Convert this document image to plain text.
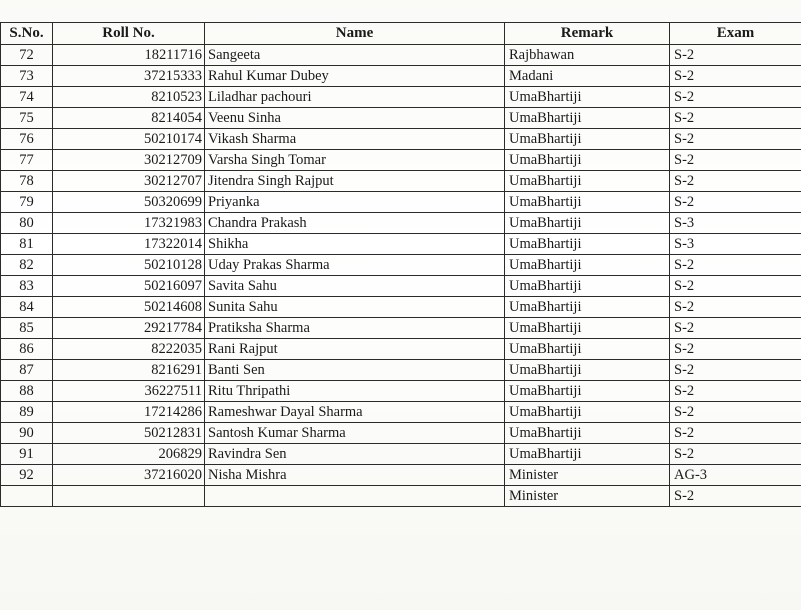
S.No.	Roll No.	Name	Remark	Exam
72	18211716	Sangeeta	Rajbhawan	S-2
73	37215333	Rahul Kumar Dubey	Madani	S-2
74	8210523	Liladhar pachouri	UmaBhartiji	S-2
75	8214054	Veenu Sinha	UmaBhartiji	S-2
76	50210174	Vikash Sharma	UmaBhartiji	S-2
77	30212709	Varsha Singh Tomar	UmaBhartiji	S-2
78	30212707	Jitendra Singh Rajput	UmaBhartiji	S-2
79	50320699	Priyanka	UmaBhartiji	S-2
80	17321983	Chandra Prakash	UmaBhartiji	S-3
81	17322014	Shikha	UmaBhartiji	S-3
82	50210128	Uday Prakas Sharma	UmaBhartiji	S-2
83	50216097	Savita Sahu	UmaBhartiji	S-2
84	50214608	Sunita Sahu	UmaBhartiji	S-2
85	29217784	Pratiksha Sharma	UmaBhartiji	S-2
86	8222035	Rani Rajput	UmaBhartiji	S-2
87	8216291	Banti Sen	UmaBhartiji	S-2
88	36227511	Ritu Thripathi	UmaBhartiji	S-2
89	17214286	Rameshwar Dayal Sharma	UmaBhartiji	S-2
90	50212831	Santosh Kumar Sharma	UmaBhartiji	S-2
91	206829	Ravindra Sen	UmaBhartiji	S-2
92	37216020	Nisha Mishra	Minister	AG-3
			Minister	S-2
